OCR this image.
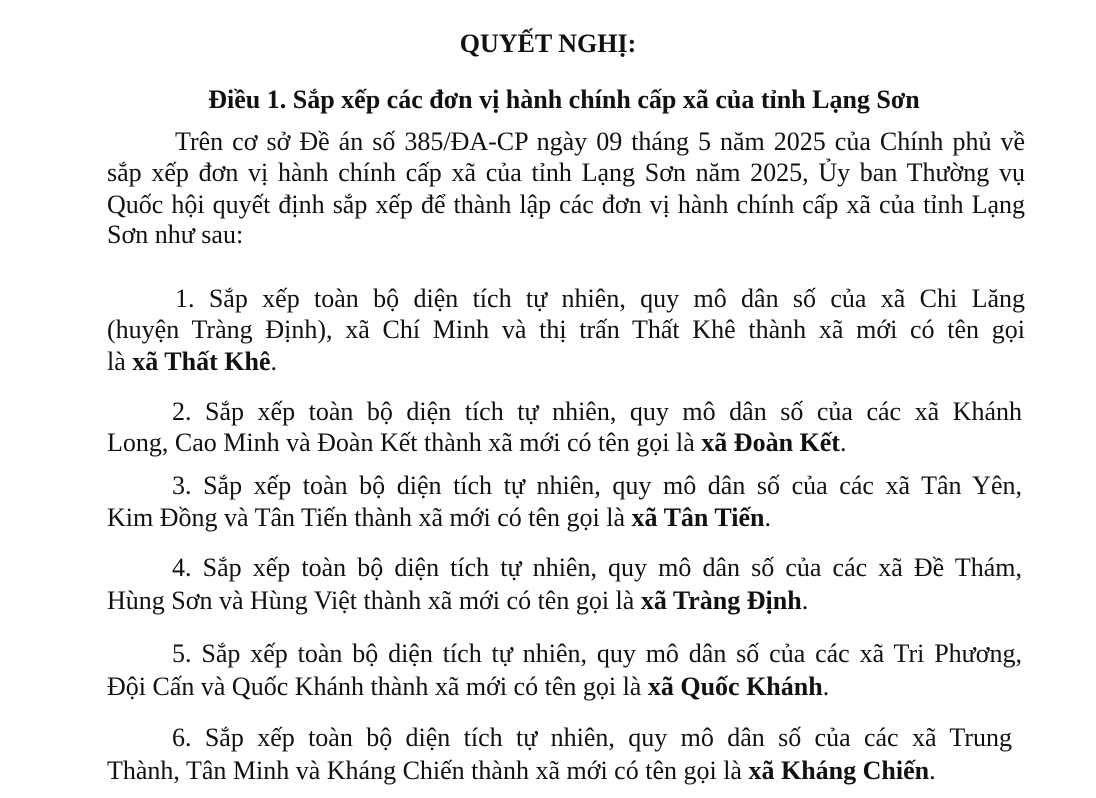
QUYẾT NGHỊ:
Điều 1. Sắp xếp các đơn vị hành chính cấp xã của tỉnh Lạng Sơn
Trên cơ sở Đề án số 385/ĐA-CP ngày 09 tháng 5 năm 2025 của Chính phủ về
sắp xếp đơn vị hành chính cấp xã của tỉnh Lạng Sơn năm 2025, Ủy ban Thường vụ
Quốc hội quyết định sắp xếp để thành lập các đơn vị hành chính cấp xã của tỉnh Lạng
Sơn như sau:
1. Sắp xếp toàn bộ diện tích tự nhiên, quy mô dân số của xã Chi Lăng
(huyện Tràng Định), xã Chí Minh và thị trấn Thất Khê thành xã mới có tên gọi
là xã Thất Khê.
2. Sắp xếp toàn bộ diện tích tự nhiên, quy mô dân số của các xã Khánh
Long, Cao Minh và Đoàn Kết thành xã mới có tên gọi là xã Đoàn Kết.
3. Sắp xếp toàn bộ diện tích tự nhiên, quy mô dân số của các xã Tân Yên,
Kim Đồng và Tân Tiến thành xã mới có tên gọi là xã Tân Tiến.
4. Sắp xếp toàn bộ diện tích tự nhiên, quy mô dân số của các xã Đề Thám,
Hùng Sơn và Hùng Việt thành xã mới có tên gọi là xã Tràng Định.
5. Sắp xếp toàn bộ diện tích tự nhiên, quy mô dân số của các xã Tri Phương,
Đội Cấn và Quốc Khánh thành xã mới có tên gọi là xã Quốc Khánh.
6. Sắp xếp toàn bộ diện tích tự nhiên, quy mô dân số của các xã Trung
Thành, Tân Minh và Kháng Chiến thành xã mới có tên gọi là xã Kháng Chiến.
